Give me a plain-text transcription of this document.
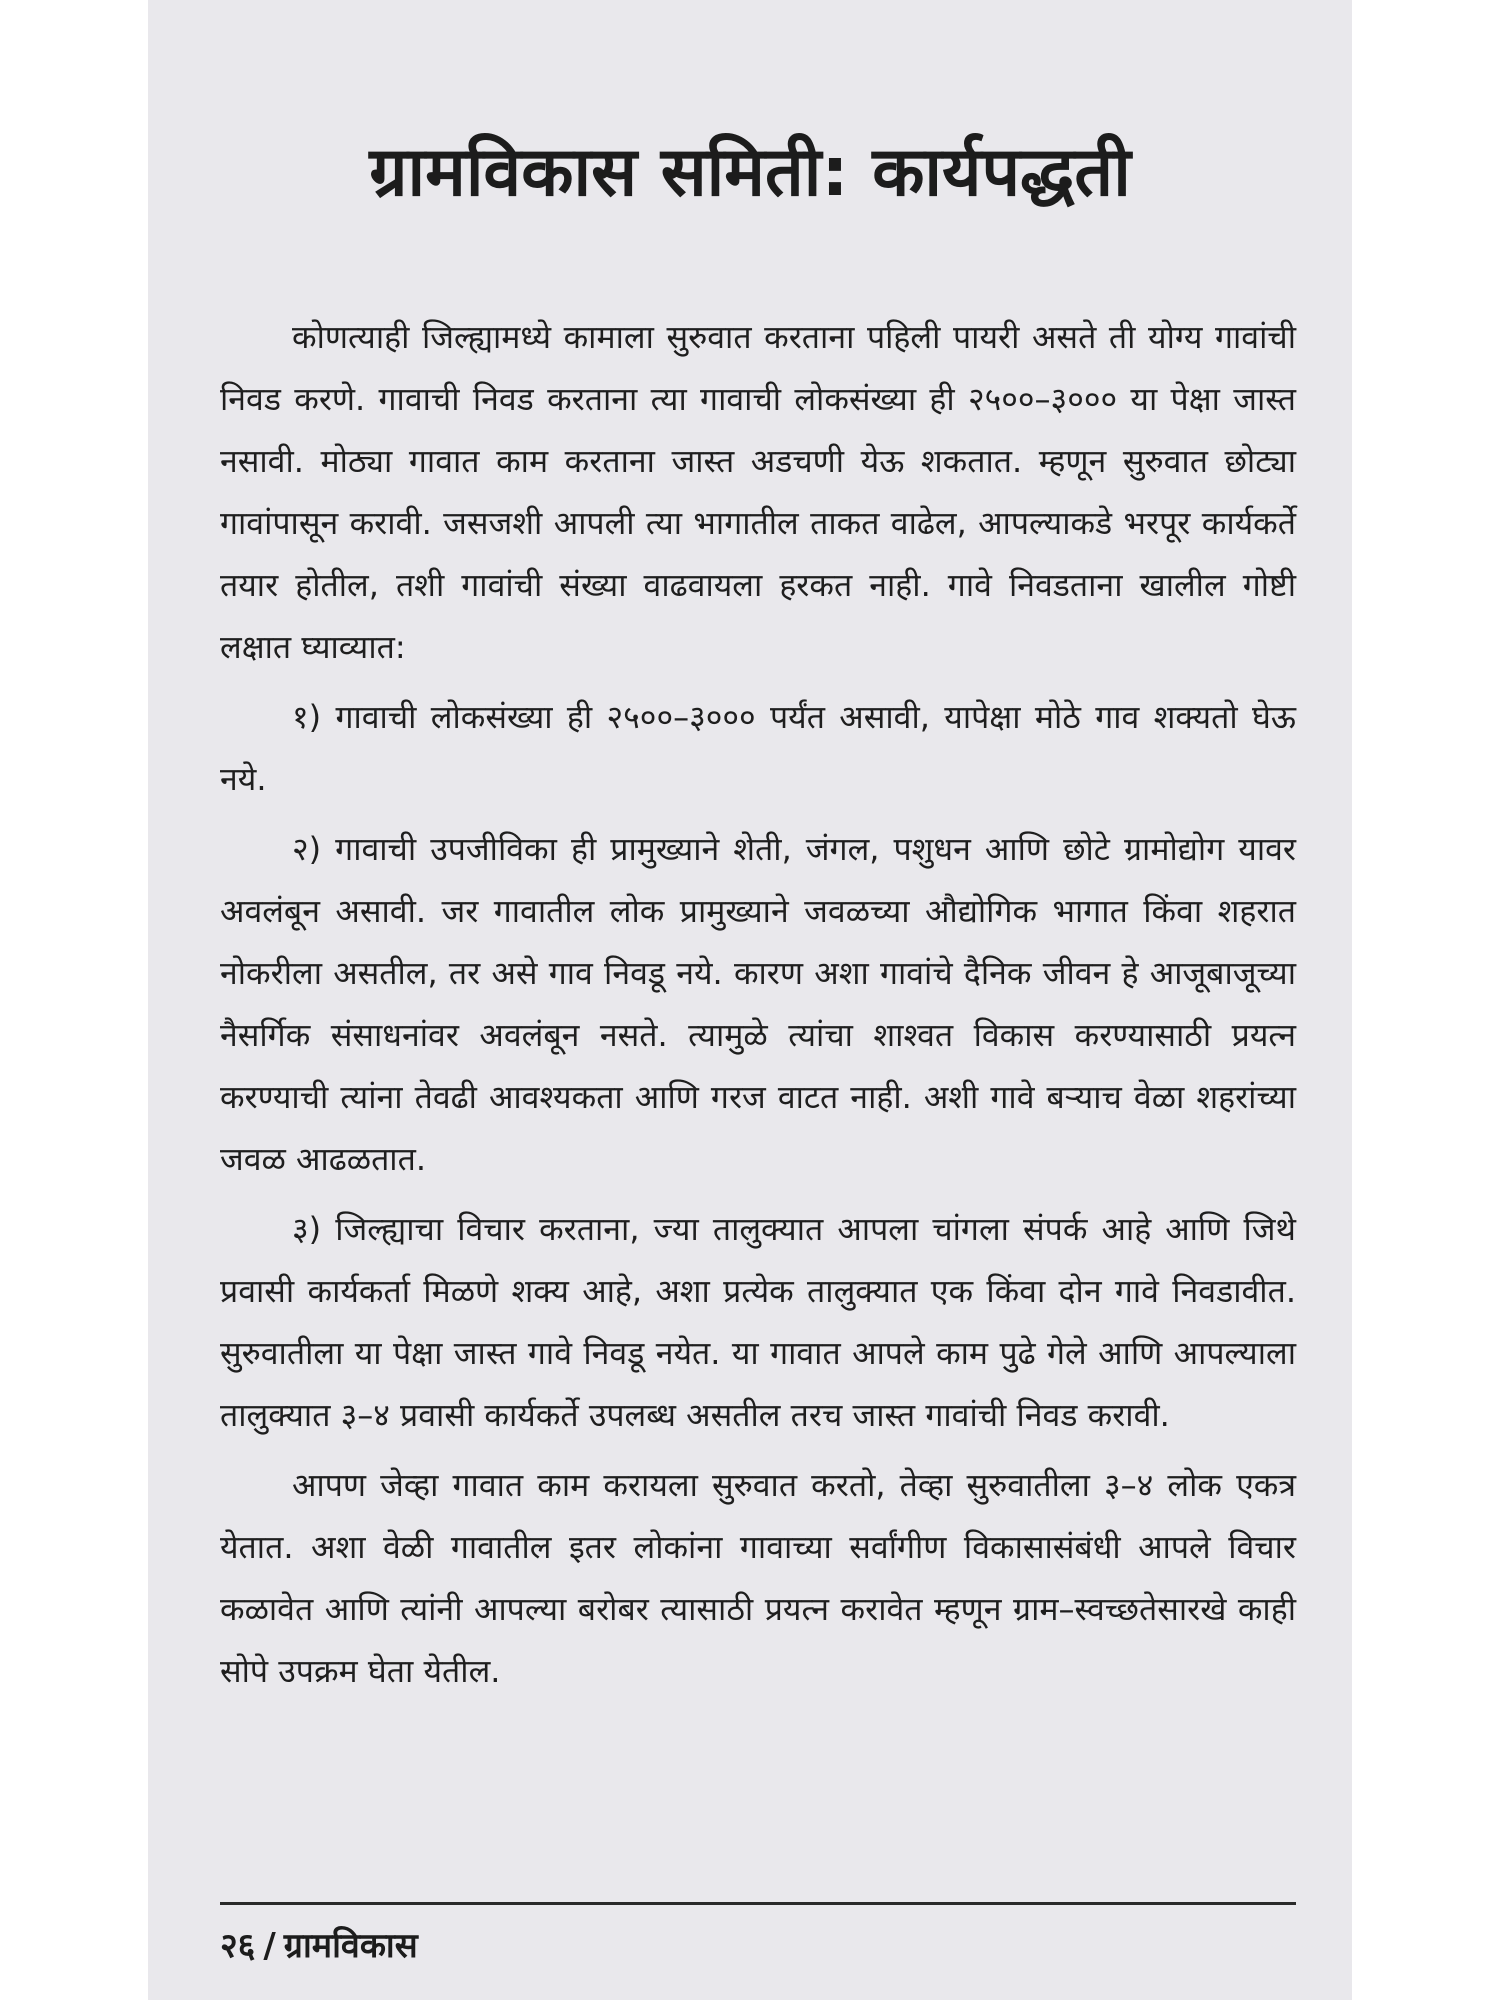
ग्रामविकास समिती: कार्यपद्धती

कोणत्याही जिल्ह्यामध्ये कामाला सुरुवात करताना पहिली पायरी असते ती योग्य गावांची निवड करणे. गावाची निवड करताना त्या गावाची लोकसंख्या ही २५००–३००० या पेक्षा जास्त नसावी. मोठ्या गावात काम करताना जास्त अडचणी येऊ शकतात. म्हणून सुरुवात छोट्या गावांपासून करावी. जसजशी आपली त्या भागातील ताकत वाढेल, आपल्याकडे भरपूर कार्यकर्ते तयार होतील, तशी गावांची संख्या वाढवायला हरकत नाही. गावे निवडताना खालील गोष्टी लक्षात घ्याव्यात:

१) गावाची लोकसंख्या ही २५००–३००० पर्यंत असावी, यापेक्षा मोठे गाव शक्यतो घेऊ नये.

२) गावाची उपजीविका ही प्रामुख्याने शेती, जंगल, पशुधन आणि छोटे ग्रामोद्योग यावर अवलंबून असावी. जर गावातील लोक प्रामुख्याने जवळच्या औद्योगिक भागात किंवा शहरात नोकरीला असतील, तर असे गाव निवडू नये. कारण अशा गावांचे दैनिक जीवन हे आजूबाजूच्या नैसर्गिक संसाधनांवर अवलंबून नसते. त्यामुळे त्यांचा शाश्वत विकास करण्यासाठी प्रयत्न करण्याची त्यांना तेवढी आवश्यकता आणि गरज वाटत नाही. अशी गावे बऱ्याच वेळा शहरांच्या जवळ आढळतात.

३) जिल्ह्याचा विचार करताना, ज्या तालुक्यात आपला चांगला संपर्क आहे आणि जिथे प्रवासी कार्यकर्ता मिळणे शक्य आहे, अशा प्रत्येक तालुक्यात एक किंवा दोन गावे निवडावीत. सुरुवातीला या पेक्षा जास्त गावे निवडू नयेत. या गावात आपले काम पुढे गेले आणि आपल्याला तालुक्यात ३–४ प्रवासी कार्यकर्ते उपलब्ध असतील तरच जास्त गावांची निवड करावी.

आपण जेव्हा गावात काम करायला सुरुवात करतो, तेव्हा सुरुवातीला ३–४ लोक एकत्र येतात. अशा वेळी गावातील इतर लोकांना गावाच्या सर्वांगीण विकासासंबंधी आपले विचार कळावेत आणि त्यांनी आपल्या बरोबर त्यासाठी प्रयत्न करावेत म्हणून ग्राम–स्वच्छतेसारखे काही सोपे उपक्रम घेता येतील.

२६ / ग्रामविकास
